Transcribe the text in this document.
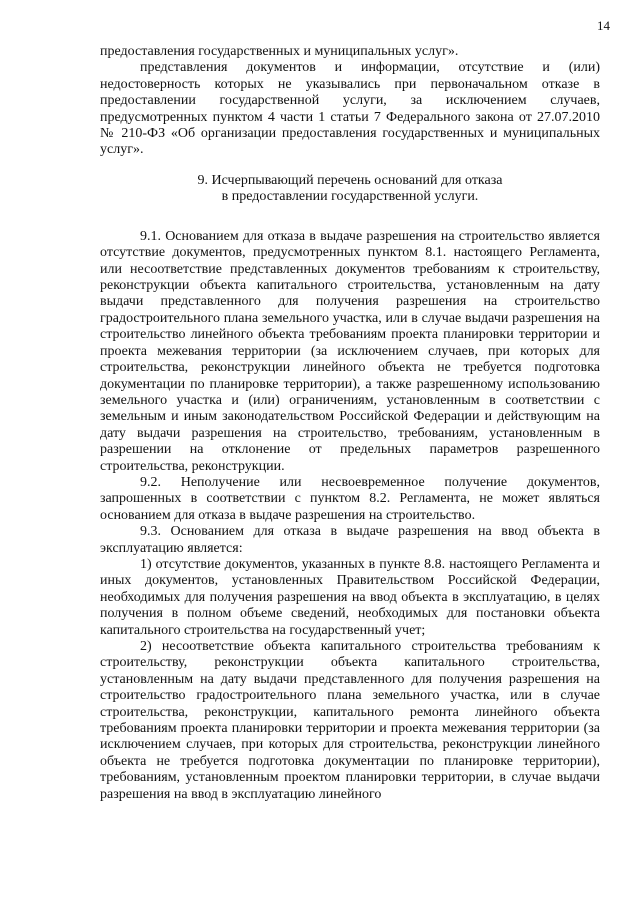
14

предоставления государственных и муниципальных услуг».

представления документов и информации, отсутствие и (или) недостоверность которых не указывались при первоначальном отказе в предоставлении государственной услуги, за исключением случаев, предусмотренных пунктом 4 части 1 статьи 7 Федерального закона от 27.07.2010 № 210-ФЗ «Об организации предоставления государственных и муниципальных услуг».

9. Исчерпывающий перечень оснований для отказа
в предоставлении государственной услуги.

9.1. Основанием для отказа в выдаче разрешения на строительство является отсутствие документов, предусмотренных пунктом 8.1. настоящего Регламента, или несоответствие представленных документов требованиям к строительству, реконструкции объекта капитального строительства, установленным на дату выдачи представленного для получения разрешения на строительство градостроительного плана земельного участка, или в случае выдачи разрешения на строительство линейного объекта требованиям проекта планировки территории и проекта межевания территории (за исключением случаев, при которых для строительства, реконструкции линейного объекта не требуется подготовка документации по планировке территории), а также разрешенному использованию земельного участка и (или) ограничениям, установленным в соответствии с земельным и иным законодательством Российской Федерации и действующим на дату выдачи разрешения на строительство, требованиям, установленным в разрешении на отклонение от предельных параметров разрешенного строительства, реконструкции.

9.2. Неполучение или несвоевременное получение документов, запрошенных в соответствии с пунктом 8.2. Регламента, не может являться основанием для отказа в выдаче разрешения на строительство.

9.3. Основанием для отказа в выдаче разрешения на ввод объекта в эксплуатацию является:

1) отсутствие документов, указанных в пункте 8.8. настоящего Регламента и иных документов, установленных Правительством Российской Федерации, необходимых для получения разрешения на ввод объекта в эксплуатацию, в целях получения в полном объеме сведений, необходимых для постановки объекта капитального строительства на государственный учет;

2) несоответствие объекта капитального строительства требованиям к строительству, реконструкции объекта капитального строительства, установленным на дату выдачи представленного для получения разрешения на строительство градостроительного плана земельного участка, или в случае строительства, реконструкции, капитального ремонта линейного объекта требованиям проекта планировки территории и проекта межевания территории (за исключением случаев, при которых для строительства, реконструкции линейного объекта не требуется подготовка документации по планировке территории), требованиям, установленным проектом планировки территории, в случае выдачи разрешения на ввод в эксплуатацию линейного
